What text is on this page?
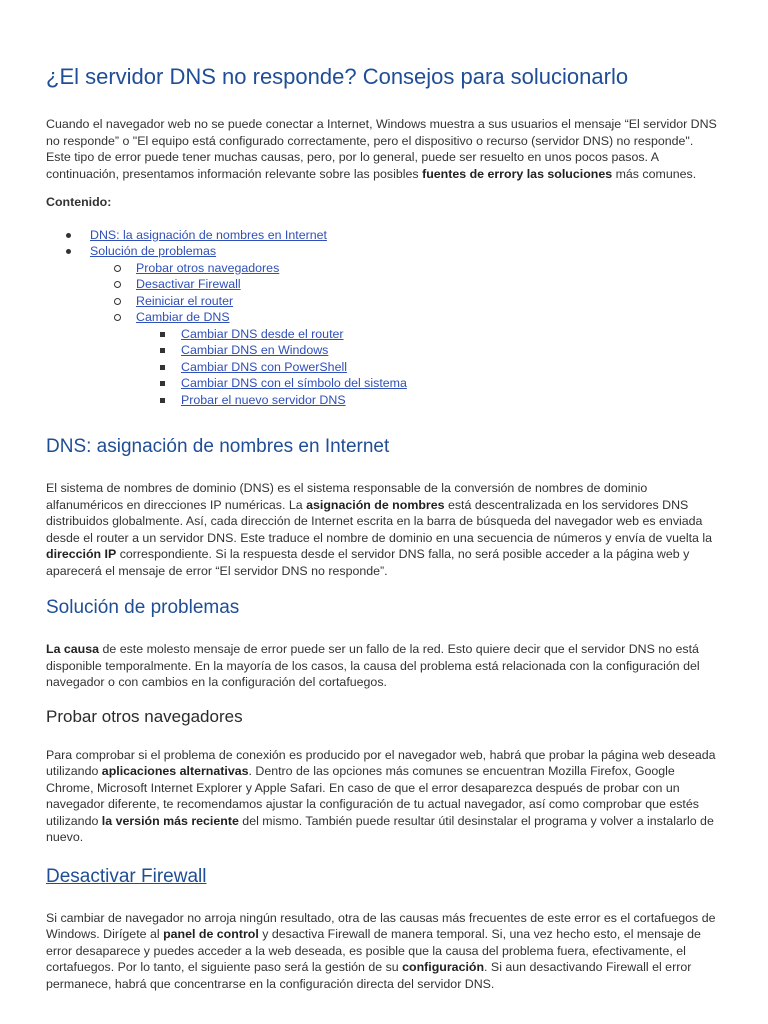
¿El servidor DNS no responde? Consejos para solucionarlo

Cuando el navegador web no se puede conectar a Internet, Windows muestra a sus usuarios el mensaje “El servidor DNS no responde” o "El equipo está configurado correctamente, pero el dispositivo o recurso (servidor DNS) no responde". Este tipo de error puede tener muchas causas, pero, por lo general, puede ser resuelto en unos pocos pasos. A continuación, presentamos información relevante sobre las posibles fuentes de errory las soluciones más comunes.

Contenido:

DNS: la asignación de nombres en Internet
Solución de problemas
Probar otros navegadores
Desactivar Firewall
Reiniciar el router
Cambiar de DNS
Cambiar DNS desde el router
Cambiar DNS en Windows
Cambiar DNS con PowerShell
Cambiar DNS con el símbolo del sistema
Probar el nuevo servidor DNS
DNS: asignación de nombres en Internet

El sistema de nombres de dominio (DNS) es el sistema responsable de la conversión de nombres de dominio alfanuméricos en direcciones IP numéricas. La asignación de nombres está descentralizada en los servidores DNS distribuidos globalmente. Así, cada dirección de Internet escrita en la barra de búsqueda del navegador web es enviada desde el router a un servidor DNS. Este traduce el nombre de dominio en una secuencia de números y envía de vuelta la dirección IP correspondiente. Si la respuesta desde el servidor DNS falla, no será posible acceder a la página web y aparecerá el mensaje de error “El servidor DNS no responde”.

Solución de problemas

La causa de este molesto mensaje de error puede ser un fallo de la red. Esto quiere decir que el servidor DNS no está disponible temporalmente. En la mayoría de los casos, la causa del problema está relacionada con la configuración del navegador o con cambios en la configuración del cortafuegos.

Probar otros navegadores

Para comprobar si el problema de conexión es producido por el navegador web, habrá que probar la página web deseada utilizando aplicaciones alternativas. Dentro de las opciones más comunes se encuentran Mozilla Firefox, Google Chrome, Microsoft Internet Explorer y Apple Safari. En caso de que el error desaparezca después de probar con un navegador diferente, te recomendamos ajustar la configuración de tu actual navegador, así como comprobar que estés utilizando la versión más reciente del mismo. También puede resultar útil desinstalar el programa y volver a instalarlo de nuevo.

Desactivar Firewall

Si cambiar de navegador no arroja ningún resultado, otra de las causas más frecuentes de este error es el cortafuegos de Windows. Dirígete al panel de control y desactiva Firewall de manera temporal. Si, una vez hecho esto, el mensaje de error desaparece y puedes acceder a la web deseada, es posible que la causa del problema fuera, efectivamente, el cortafuegos. Por lo tanto, el siguiente paso será la gestión de su configuración. Si aun desactivando Firewall el error permanece, habrá que concentrarse en la configuración directa del servidor DNS.
